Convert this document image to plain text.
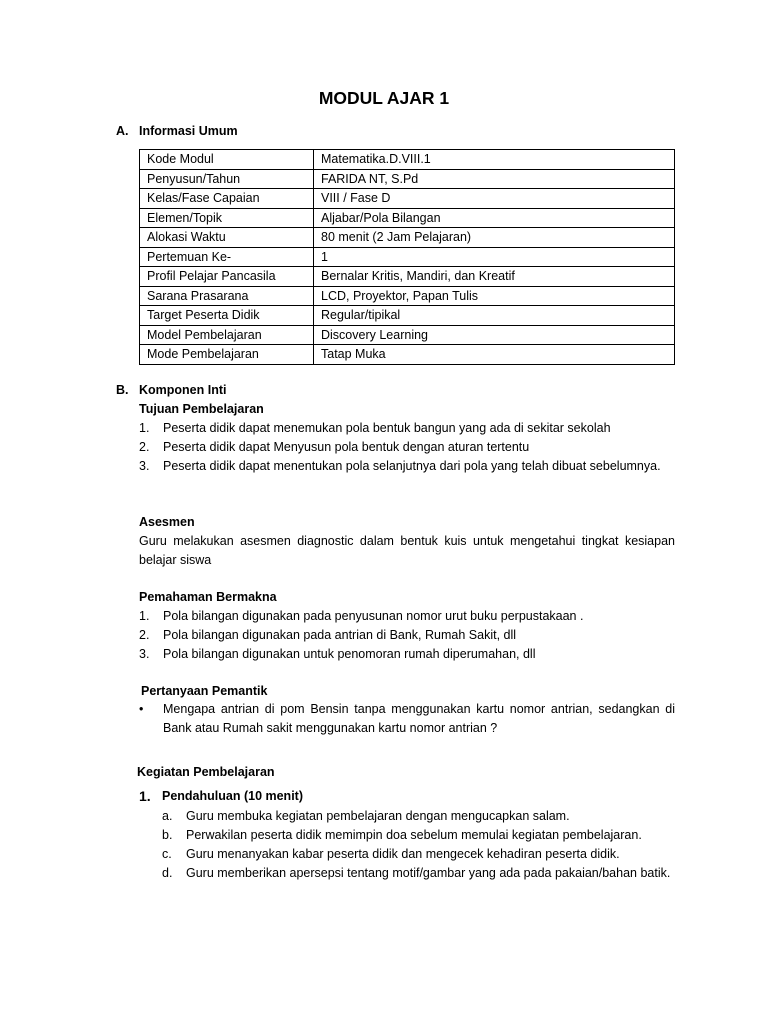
MODUL AJAR 1
A. Informasi Umum
Kode Modul	Matematika.D.VIII.1
Penyusun/Tahun	FARIDA NT, S.Pd
Kelas/Fase Capaian	VIII / Fase D
Elemen/Topik	Aljabar/Pola Bilangan
Alokasi Waktu	80 menit (2 Jam Pelajaran)
Pertemuan Ke-	1
Profil Pelajar Pancasila	Bernalar Kritis, Mandiri, dan Kreatif
Sarana Prasarana	LCD, Proyektor, Papan Tulis
Target Peserta Didik	Regular/tipikal
Model Pembelajaran	Discovery Learning
Mode Pembelajaran	Tatap Muka
B. Komponen Inti
Tujuan Pembelajaran
1. Peserta didik dapat menemukan pola bentuk bangun yang ada di sekitar sekolah
2. Peserta didik dapat Menyusun pola bentuk dengan aturan tertentu
3. Peserta didik dapat menentukan pola selanjutnya dari pola yang telah dibuat sebelumnya.
Asesmen
Guru melakukan asesmen diagnostic dalam bentuk kuis untuk mengetahui tingkat kesiapan belajar siswa
Pemahaman Bermakna
1. Pola bilangan digunakan pada penyusunan nomor urut buku perpustakaan .
2. Pola bilangan digunakan pada antrian di Bank, Rumah Sakit, dll
3. Pola bilangan digunakan untuk penomoran rumah diperumahan, dll
Pertanyaan Pemantik
• Mengapa antrian di pom Bensin tanpa menggunakan kartu nomor antrian, sedangkan di Bank atau Rumah sakit menggunakan kartu nomor antrian ?
Kegiatan Pembelajaran
1. Pendahuluan (10 menit)
a. Guru membuka kegiatan pembelajaran dengan mengucapkan salam.
b. Perwakilan peserta didik memimpin doa sebelum memulai kegiatan pembelajaran.
c. Guru menanyakan kabar peserta didik dan mengecek kehadiran peserta didik.
d. Guru memberikan apersepsi tentang motif/gambar yang ada pada pakaian/bahan batik.
